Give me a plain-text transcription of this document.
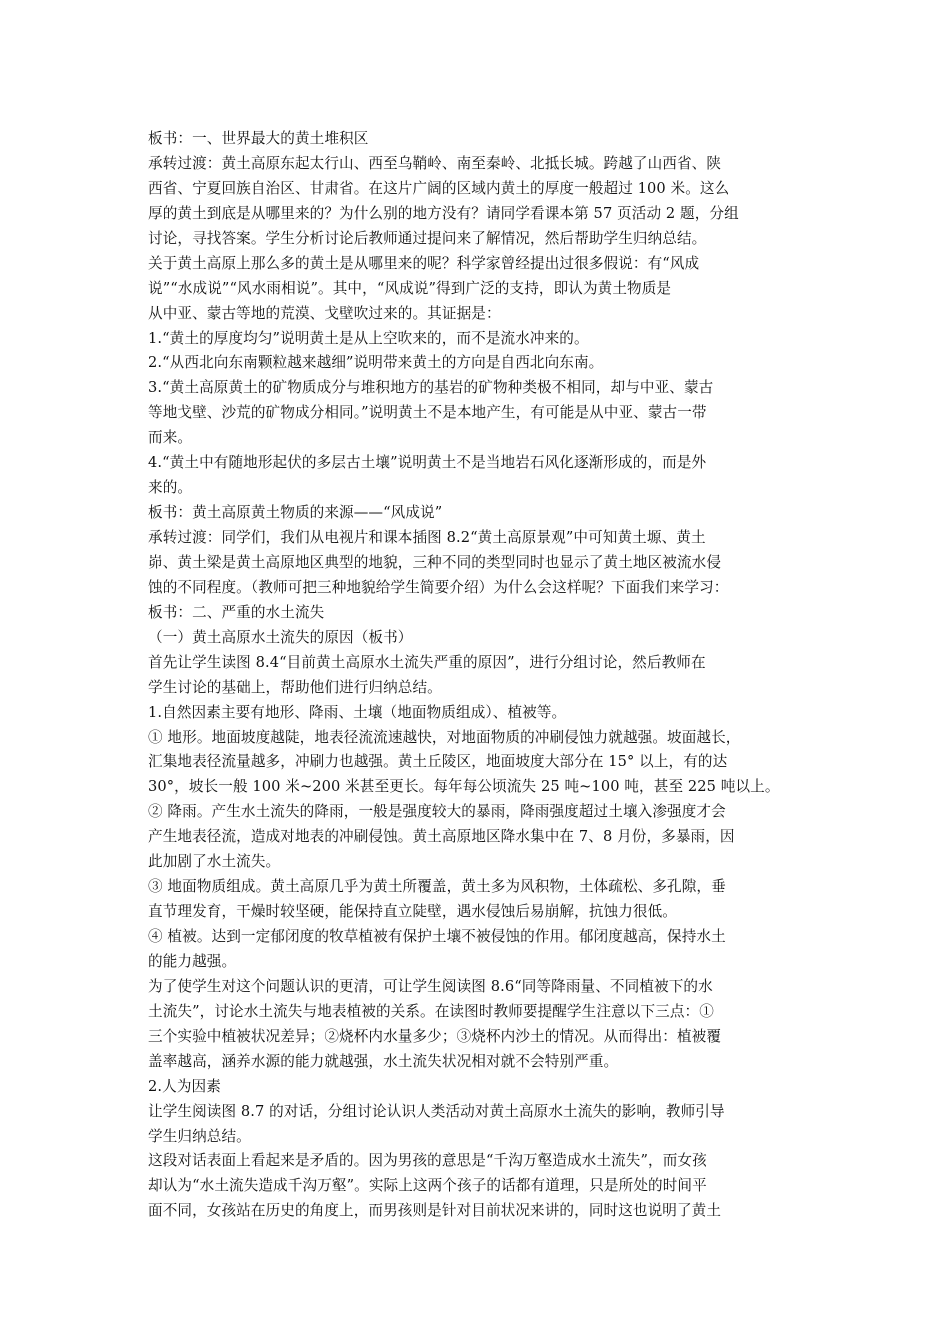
板书：一、世界最大的黄土堆积区
承转过渡：黄土高原东起太行山、西至乌鞘岭、南至秦岭、北抵长城。跨越了山西省、陕
西省、宁夏回族自治区、甘肃省。在这片广阔的区域内黄土的厚度一般超过 100 米。这么
厚的黄土到底是从哪里来的？为什么别的地方没有？请同学看课本第 57 页活动 2 题，分组
讨论，寻找答案。学生分析讨论后教师通过提问来了解情况，然后帮助学生归纳总结。
关于黄土高原上那么多的黄土是从哪里来的呢？科学家曾经提出过很多假说：有“风成
说”“水成说”“风水雨相说”。其中，“风成说”得到广泛的支持，即认为黄土物质是
从中亚、蒙古等地的荒漠、戈壁吹过来的。其证据是：
1.“黄土的厚度均匀”说明黄土是从上空吹来的，而不是流水冲来的。
2.“从西北向东南颗粒越来越细”说明带来黄土的方向是自西北向东南。
3.“黄土高原黄土的矿物质成分与堆积地方的基岩的矿物种类极不相同，却与中亚、蒙古
等地戈壁、沙荒的矿物成分相同。”说明黄土不是本地产生，有可能是从中亚、蒙古一带
而来。
4.“黄土中有随地形起伏的多层古土壤”说明黄土不是当地岩石风化逐渐形成的，而是外
来的。
板书：黄土高原黄土物质的来源——“风成说”
承转过渡：同学们，我们从电视片和课本插图 8.2“黄土高原景观”中可知黄土塬、黄土
峁、黄土梁是黄土高原地区典型的地貌，三种不同的类型同时也显示了黄土地区被流水侵
蚀的不同程度。（教师可把三种地貌给学生简要介绍）为什么会这样呢？下面我们来学习：
板书：二、严重的水土流失
（一）黄土高原水土流失的原因（板书）
首先让学生读图 8.4“目前黄土高原水土流失严重的原因”，进行分组讨论，然后教师在
学生讨论的基础上，帮助他们进行归纳总结。
1.自然因素主要有地形、降雨、土壤（地面物质组成）、植被等。
① 地形。地面坡度越陡，地表径流流速越快，对地面物质的冲刷侵蚀力就越强。坡面越长，
汇集地表径流量越多，冲刷力也越强。黄土丘陵区，地面坡度大部分在 15° 以上，有的达
30°，坡长一般 100 米~200 米甚至更长。每年每公顷流失 25 吨~100 吨，甚至 225 吨以上。
② 降雨。产生水土流失的降雨，一般是强度较大的暴雨，降雨强度超过土壤入渗强度才会
产生地表径流，造成对地表的冲刷侵蚀。黄土高原地区降水集中在 7、8 月份，多暴雨，因
此加剧了水土流失。
③ 地面物质组成。黄土高原几乎为黄土所覆盖，黄土多为风积物，土体疏松、多孔隙，垂
直节理发育，干燥时较坚硬，能保持直立陡壁，遇水侵蚀后易崩解，抗蚀力很低。
④ 植被。达到一定郁闭度的牧草植被有保护土壤不被侵蚀的作用。郁闭度越高，保持水土
的能力越强。
为了使学生对这个问题认识的更清，可让学生阅读图 8.6“同等降雨量、不同植被下的水
土流失”，讨论水土流失与地表植被的关系。在读图时教师要提醒学生注意以下三点：①
三个实验中植被状况差异；②烧杯内水量多少；③烧杯内沙土的情况。从而得出：植被覆
盖率越高，涵养水源的能力就越强，水土流失状况相对就不会特别严重。
2.人为因素
让学生阅读图 8.7 的对话，分组讨论认识人类活动对黄土高原水土流失的影响，教师引导
学生归纳总结。
这段对话表面上看起来是矛盾的。因为男孩的意思是“千沟万壑造成水土流失”，而女孩
却认为“水土流失造成千沟万壑”。实际上这两个孩子的话都有道理，只是所处的时间平
面不同，女孩站在历史的角度上，而男孩则是针对目前状况来讲的，同时这也说明了黄土
